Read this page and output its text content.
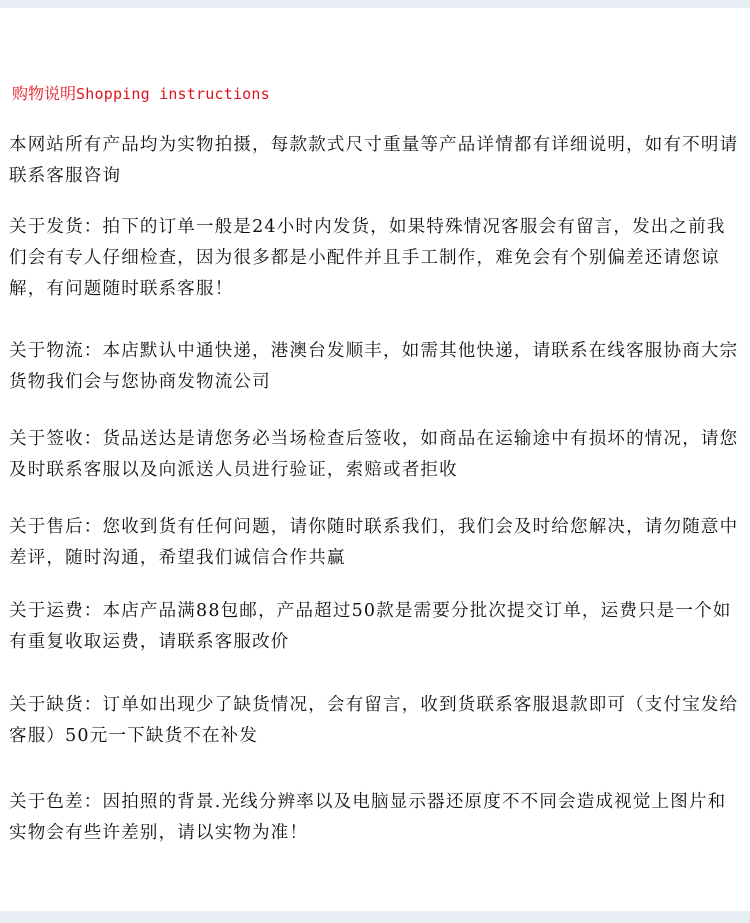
购物说明Shopping instructions
本网站所有产品均为实物拍摄，每款款式尺寸重量等产品详情都有详细说明，如有不明请联系客服咨询
关于发货：拍下的订单一般是24小时内发货，如果特殊情况客服会有留言，发出之前我们会有专人仔细检查，因为很多都是小配件并且手工制作，难免会有个别偏差还请您谅解，有问题随时联系客服！
关于物流：本店默认中通快递，港澳台发顺丰，如需其他快递，请联系在线客服协商大宗货物我们会与您协商发物流公司
关于签收：货品送达是请您务必当场检查后签收，如商品在运输途中有损坏的情况，请您及时联系客服以及向派送人员进行验证，索赔或者拒收
关于售后：您收到货有任何问题，请你随时联系我们，我们会及时给您解决，请勿随意中差评，随时沟通，希望我们诚信合作共赢
关于运费：本店产品满88包邮，产品超过50款是需要分批次提交订单，运费只是一个如有重复收取运费，请联系客服改价
关于缺货：订单如出现少了缺货情况，会有留言，收到货联系客服退款即可（支付宝发给客服）50元一下缺货不在补发
关于色差：因拍照的背景.光线分辨率以及电脑显示器还原度不不同会造成视觉上图片和实物会有些许差别，请以实物为准！
